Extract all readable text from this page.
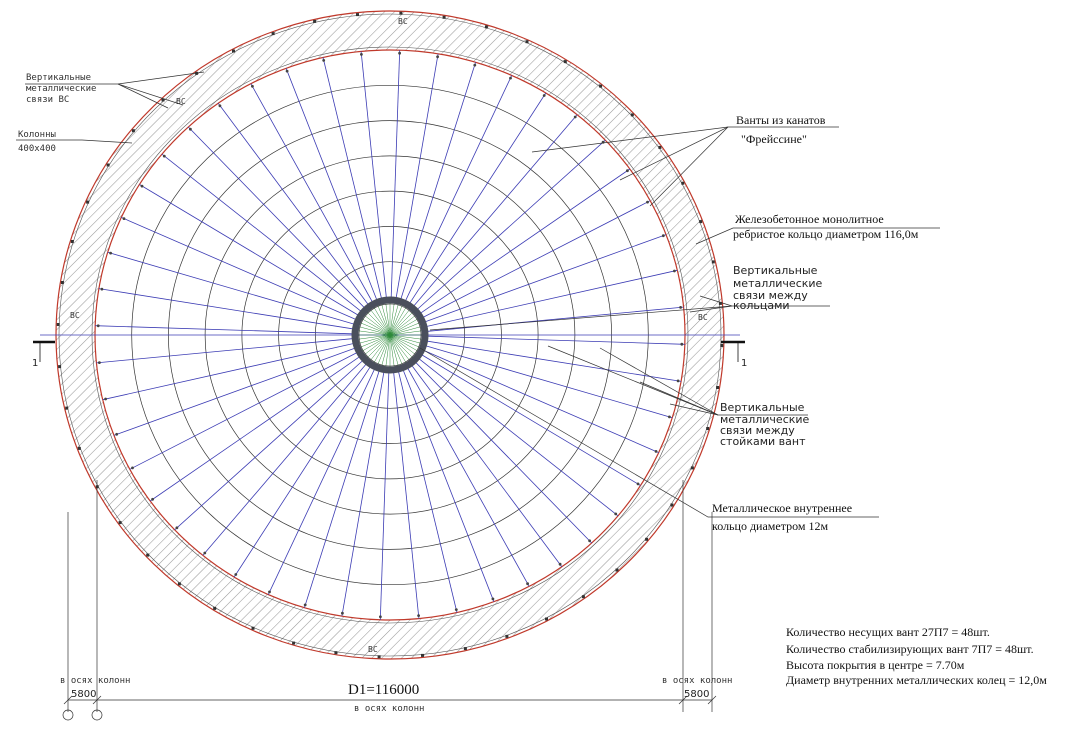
1	1
ВС
ВС
ВС	ВС
ВС
Вертикальные
металлические
связи ВС
Колонны
400х400
Ванты из канатов
"Фрейссине"
Железобетонное монолитное
ребристое кольцо диаметром 116,0м
Вертикальные
металлические
связи между
кольцами
Вертикальные
металлические
связи между
стойками вант
Металлическое внутреннее
кольцо диаметром 12м
D1=116000
в осях колонн
в осях колонн	в осях колонн
5800	5800
Количество несущих вант 27П7 = 48шт.
Количество стабилизирующих вант 7П7 = 48шт.
Высота покрытия в центре = 7.70м
Диаметр внутренних металлических колец = 12,0м
